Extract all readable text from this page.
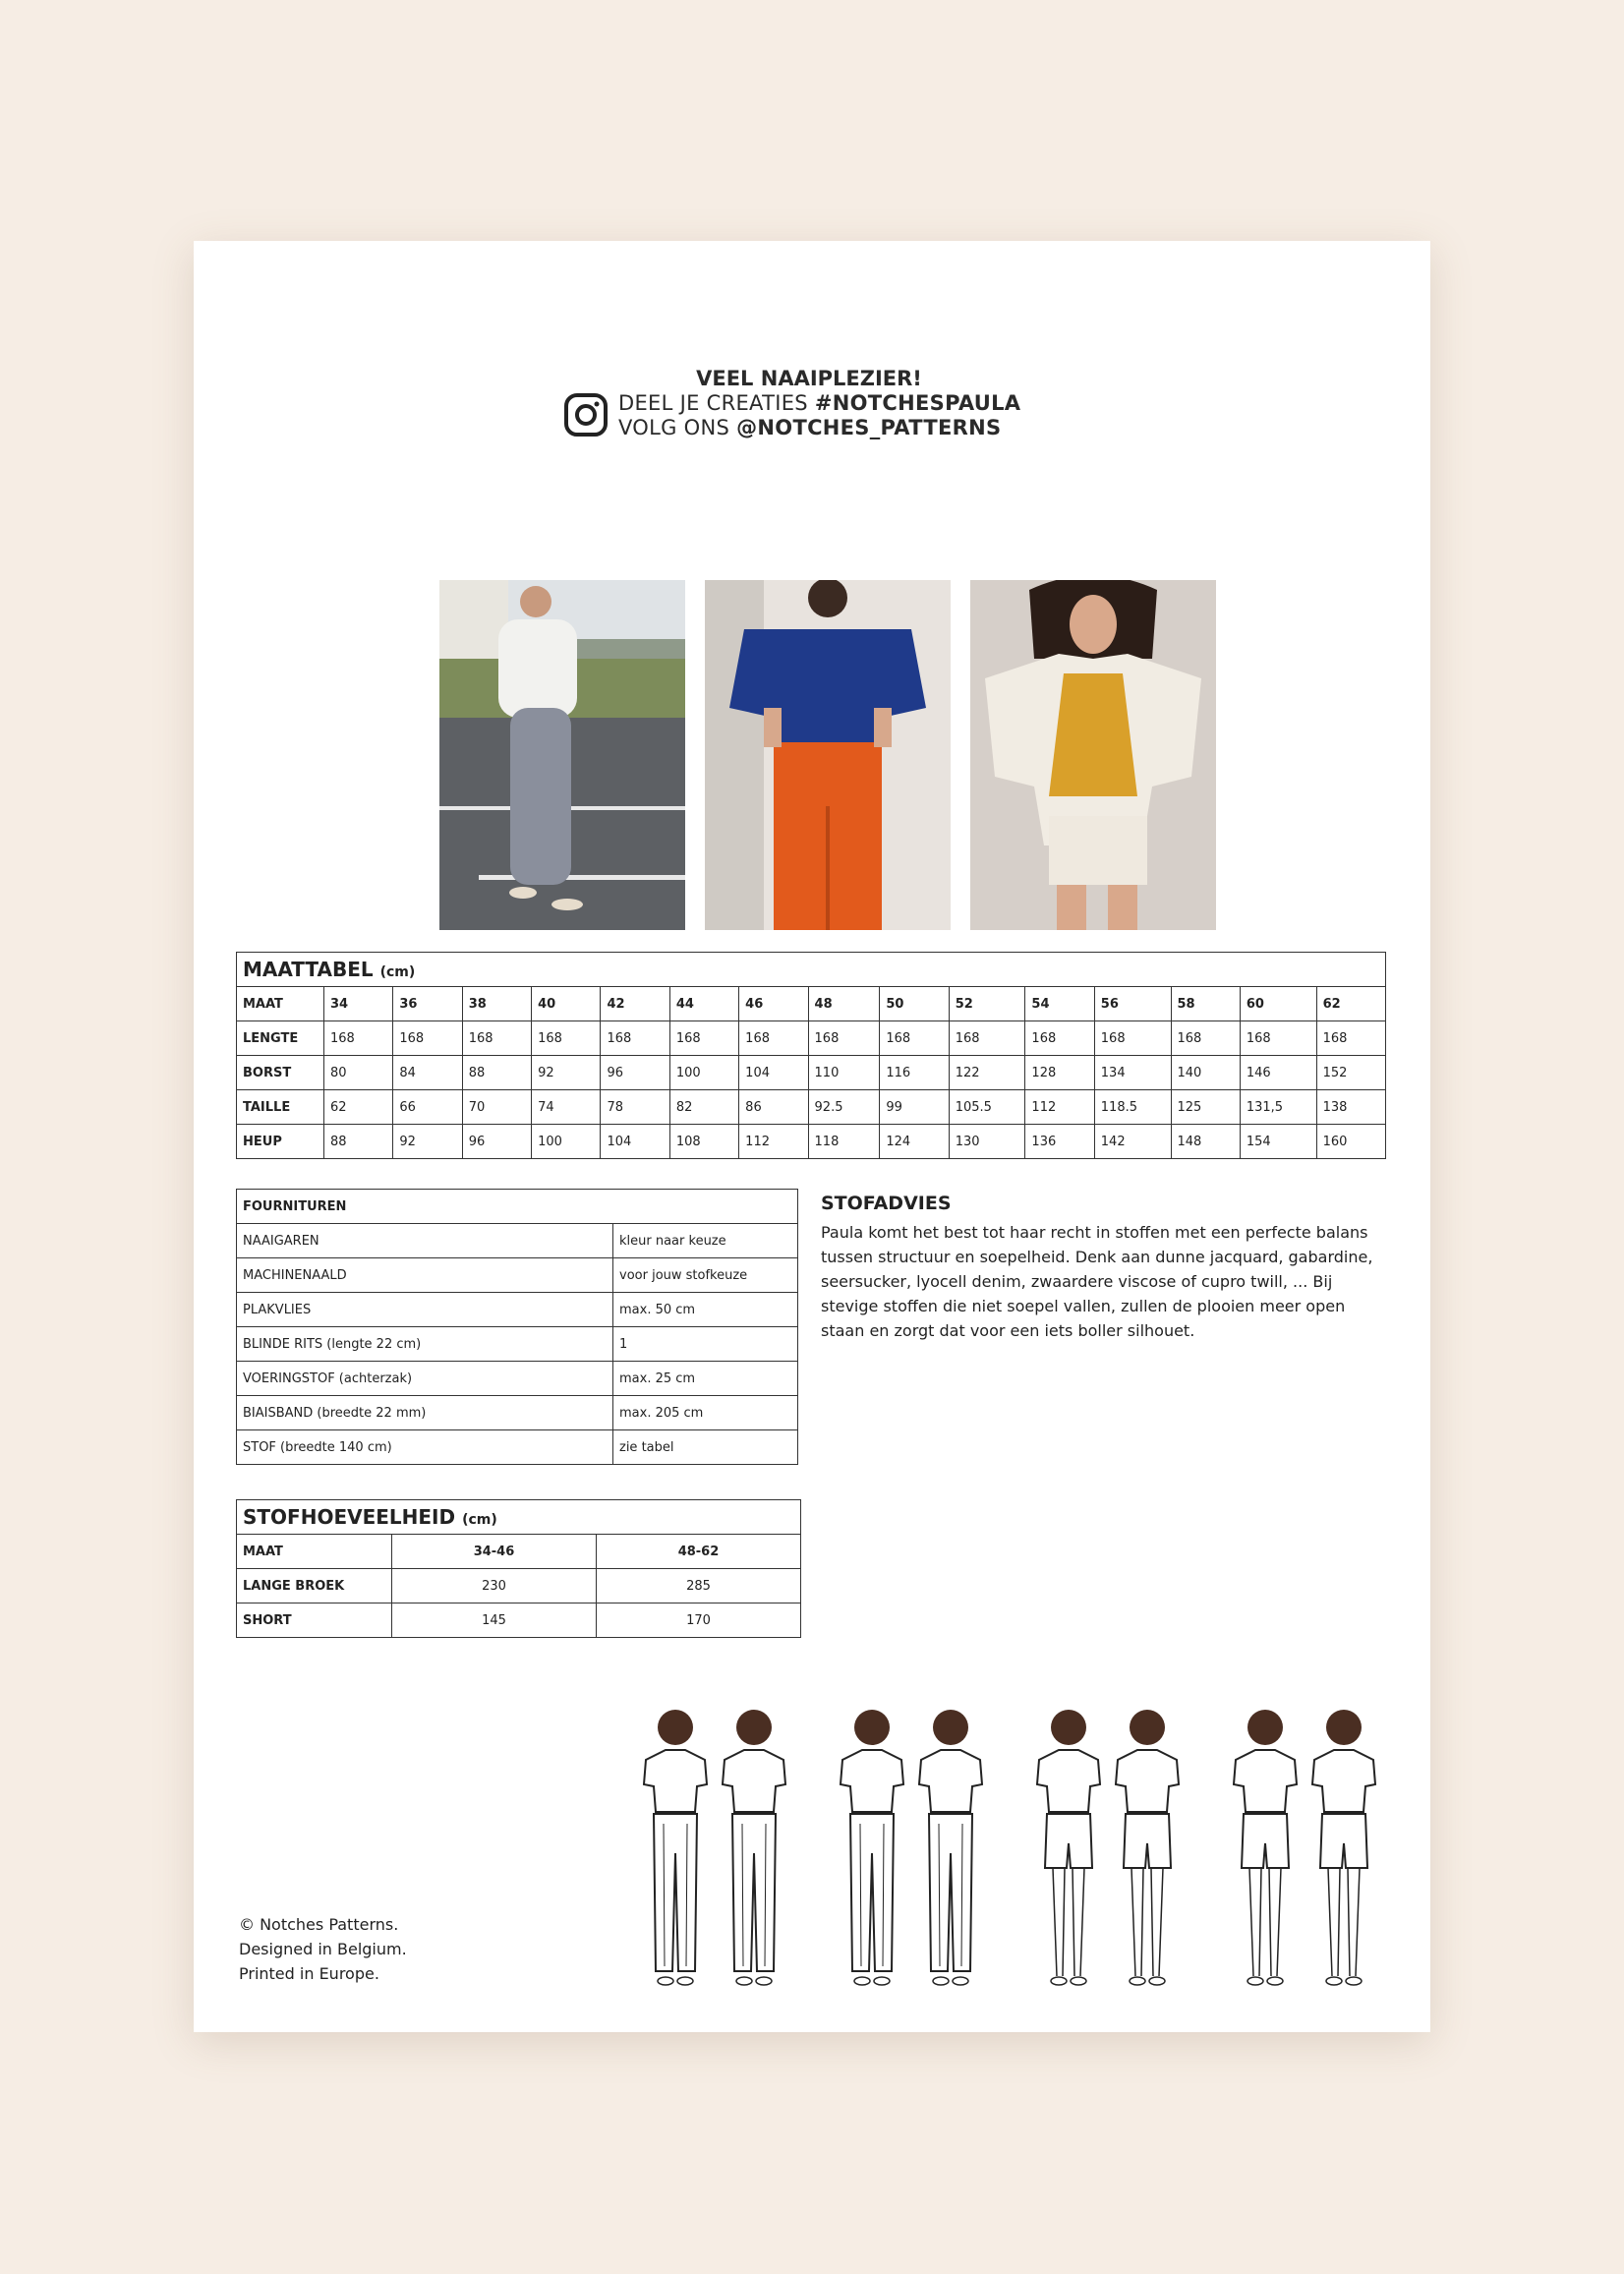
VEEL NAAIPLEZIER!
DEEL JE CREATIES #NOTCHESPAULA
VOLG ONS @NOTCHES_PATTERNS
MAATTABEL (cm)															
MAAT	34	36	38	40	42	44	46	48	50	52	54	56	58	60	62
LENGTE	168	168	168	168	168	168	168	168	168	168	168	168	168	168	168
BORST	80	84	88	92	96	100	104	110	116	122	128	134	140	146	152
TAILLE	62	66	70	74	78	82	86	92.5	99	105.5	112	118.5	125	131,5	138
HEUP	88	92	96	100	104	108	112	118	124	130	136	142	148	154	160
FOURNITUREN	
NAAIGAREN	kleur naar keuze
MACHINENAALD	voor jouw stofkeuze
PLAKVLIES	max. 50 cm
BLINDE RITS (lengte 22 cm)	1
VOERINGSTOF (achterzak)	max. 25 cm
BIAISBAND (breedte 22 mm)	max. 205 cm
STOF (breedte 140 cm)	zie tabel
STOFADVIES

Paula komt het best tot haar recht in stoffen met een perfecte balans tussen structuur en soepelheid. Denk aan dunne jacquard, gabardine, seersucker, lyocell denim, zwaardere viscose of cupro twill, ... Bij stevige stoffen die niet soepel vallen, zullen de plooien meer open staan en zorgt dat voor een iets boller silhouet.

STOFHOEVEELHEID (cm)		
MAAT	34-46	48-62
LANGE BROEK	230	285
SHORT	145	170
© Notches Patterns.
Designed in Belgium.
Printed in Europe.
